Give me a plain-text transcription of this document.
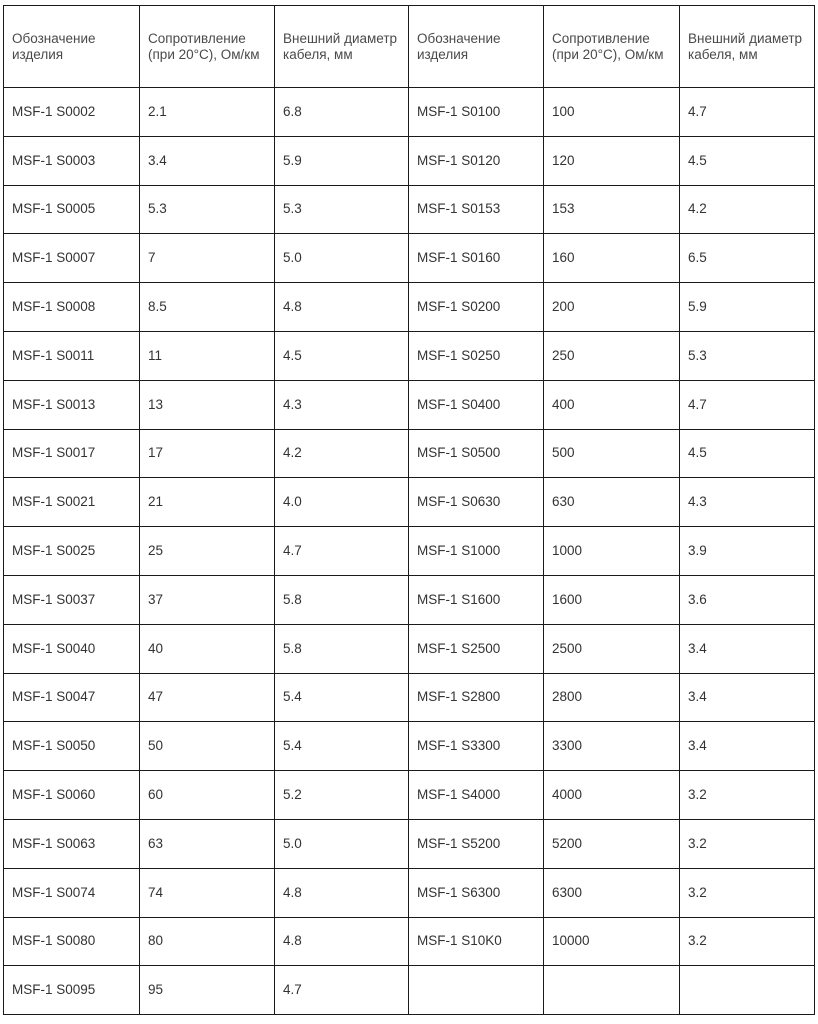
Обозначение изделия	Сопротивление (при 20°С), Ом/км	Внешний диаметр кабеля, мм	Обозначение изделия	Сопротивление (при 20°С), Ом/км	Внешний диаметр кабеля, мм
MSF-1 S0002	2.1	6.8	MSF-1 S0100	100	4.7
MSF-1 S0003	3.4	5.9	MSF-1 S0120	120	4.5
MSF-1 S0005	5.3	5.3	MSF-1 S0153	153	4.2
MSF-1 S0007	7	5.0	MSF-1 S0160	160	6.5
MSF-1 S0008	8.5	4.8	MSF-1 S0200	200	5.9
MSF-1 S0011	11	4.5	MSF-1 S0250	250	5.3
MSF-1 S0013	13	4.3	MSF-1 S0400	400	4.7
MSF-1 S0017	17	4.2	MSF-1 S0500	500	4.5
MSF-1 S0021	21	4.0	MSF-1 S0630	630	4.3
MSF-1 S0025	25	4.7	MSF-1 S1000	1000	3.9
MSF-1 S0037	37	5.8	MSF-1 S1600	1600	3.6
MSF-1 S0040	40	5.8	MSF-1 S2500	2500	3.4
MSF-1 S0047	47	5.4	MSF-1 S2800	2800	3.4
MSF-1 S0050	50	5.4	MSF-1 S3300	3300	3.4
MSF-1 S0060	60	5.2	MSF-1 S4000	4000	3.2
MSF-1 S0063	63	5.0	MSF-1 S5200	5200	3.2
MSF-1 S0074	74	4.8	MSF-1 S6300	6300	3.2
MSF-1 S0080	80	4.8	MSF-1 S10K0	10000	3.2
MSF-1 S0095	95	4.7			
